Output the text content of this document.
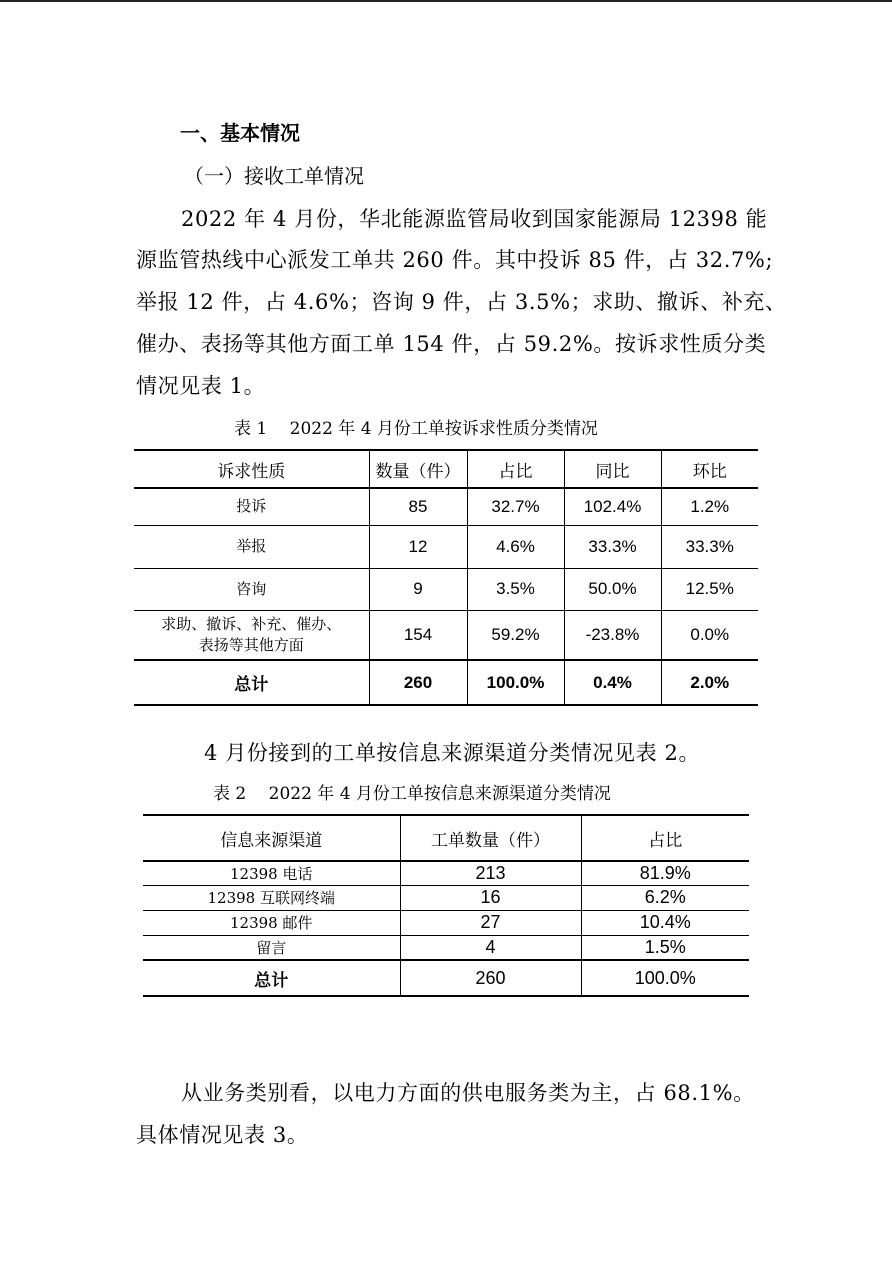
一、基本情况
（一）接收工单情况
2022 年 4 月份，华北能源监管局收到国家能源局 12398 能
源监管热线中心派发工单共 260 件。其中投诉 85 件，占 32.7%;
举报 12 件，占 4.6%；咨询 9 件，占 3.5%；求助、撤诉、补充、
催办、表扬等其他方面工单 154 件，占 59.2%。按诉求性质分类
情况见表 1。
表 1　 2022 年 4 月份工单按诉求性质分类情况
诉求性质	数量（件）	占比	同比	环比
投诉	85	32.7%	102.4%	1.2%
举报	12	4.6%	33.3%	33.3%
咨询	9	3.5%	50.0%	12.5%

求助、撤诉、补充、催办、
表扬等其他方面	154	59.2%	-23.8%	0.0%
总计	260	100.0%	0.4%	2.0%
4 月份接到的工单按信息来源渠道分类情况见表 2。
表 2　 2022 年 4 月份工单按信息来源渠道分类情况
信息来源渠道	工单数量（件）	占比
12398 电话	213	81.9%
12398 互联网终端	16	6.2%
12398 邮件	27	10.4%
留言	4	1.5%
总计	260	100.0%
从业务类别看，以电力方面的供电服务类为主，占 68.1%。
具体情况见表 3。
